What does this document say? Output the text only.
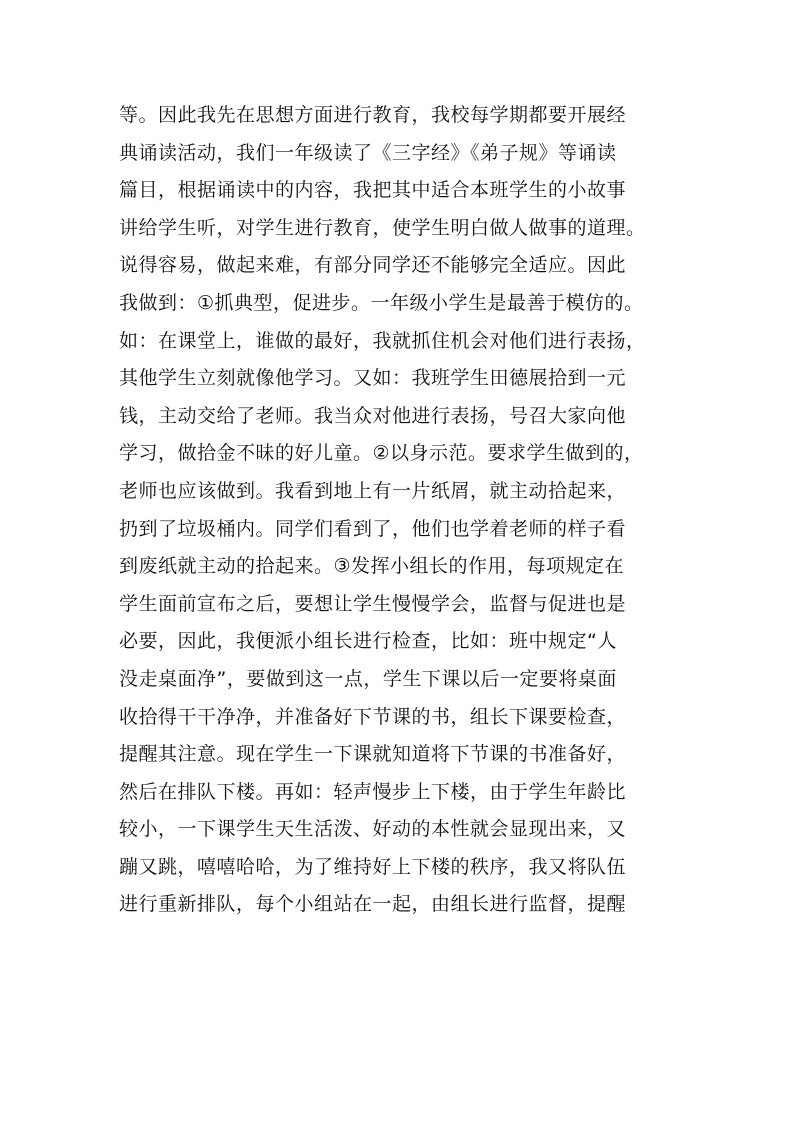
等。因此我先在思想方面进行教育，我校每学期都要开展经
典诵读活动，我们一年级读了《三字经》《弟子规》等诵读
篇目，根据诵读中的内容，我把其中适合本班学生的小故事
讲给学生听，对学生进行教育，使学生明白做人做事的道理。
说得容易，做起来难，有部分同学还不能够完全适应。因此
我做到：①抓典型，促进步。一年级小学生是最善于模仿的。
如：在课堂上，谁做的最好，我就抓住机会对他们进行表扬，
其他学生立刻就像他学习。又如：我班学生田德展拾到一元
钱，主动交给了老师。我当众对他进行表扬，号召大家向他
学习，做拾金不昧的好儿童。②以身示范。要求学生做到的，
老师也应该做到。我看到地上有一片纸屑，就主动拾起来，
扔到了垃圾桶内。同学们看到了，他们也学着老师的样子看
到废纸就主动的拾起来。③发挥小组长的作用，每项规定在
学生面前宣布之后，要想让学生慢慢学会，监督与促进也是
必要，因此，我便派小组长进行检查，比如：班中规定“人
没走桌面净”，要做到这一点，学生下课以后一定要将桌面
收拾得干干净净，并准备好下节课的书，组长下课要检查，
提醒其注意。现在学生一下课就知道将下节课的书准备好，
然后在排队下楼。再如：轻声慢步上下楼，由于学生年龄比
较小，一下课学生天生活泼、好动的本性就会显现出来，又
蹦又跳，嘻嘻哈哈，为了维持好上下楼的秩序，我又将队伍
进行重新排队，每个小组站在一起，由组长进行监督，提醒
